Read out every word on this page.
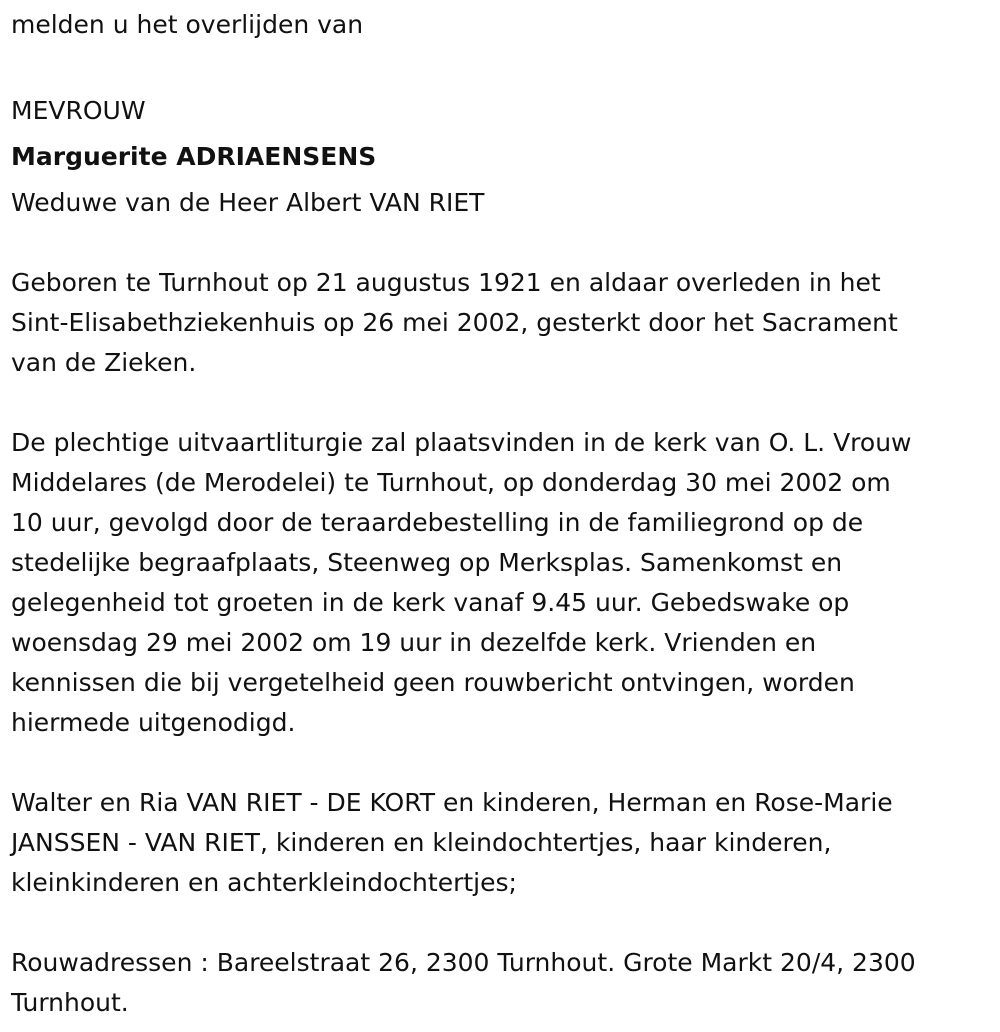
melden u het overlijden van
MEVROUW
Marguerite ADRIAENSENS
Weduwe van de Heer Albert VAN RIET

Geboren te Turnhout op 21 augustus 1921 en aldaar overleden in het
Sint-Elisabethziekenhuis op 26 mei 2002, gesterkt door het Sacrament
van de Zieken.

De plechtige uitvaartliturgie zal plaatsvinden in de kerk van O. L. Vrouw
Middelares (de Merodelei) te Turnhout, op donderdag 30 mei 2002 om
10 uur, gevolgd door de teraardebestelling in de familiegrond op de
stedelijke begraafplaats, Steenweg op Merksplas. Samenkomst en
gelegenheid tot groeten in de kerk vanaf 9.45 uur. Gebedswake op
woensdag 29 mei 2002 om 19 uur in dezelfde kerk. Vrienden en
kennissen die bij vergetelheid geen rouwbericht ontvingen, worden
hiermede uitgenodigd.

Walter en Ria VAN RIET - DE KORT en kinderen, Herman en Rose-Marie
JANSSEN - VAN RIET, kinderen en kleindochtertjes, haar kinderen,
kleinkinderen en achterkleindochtertjes;

Rouwadressen : Bareelstraat 26, 2300 Turnhout. Grote Markt 20/4, 2300
Turnhout.
